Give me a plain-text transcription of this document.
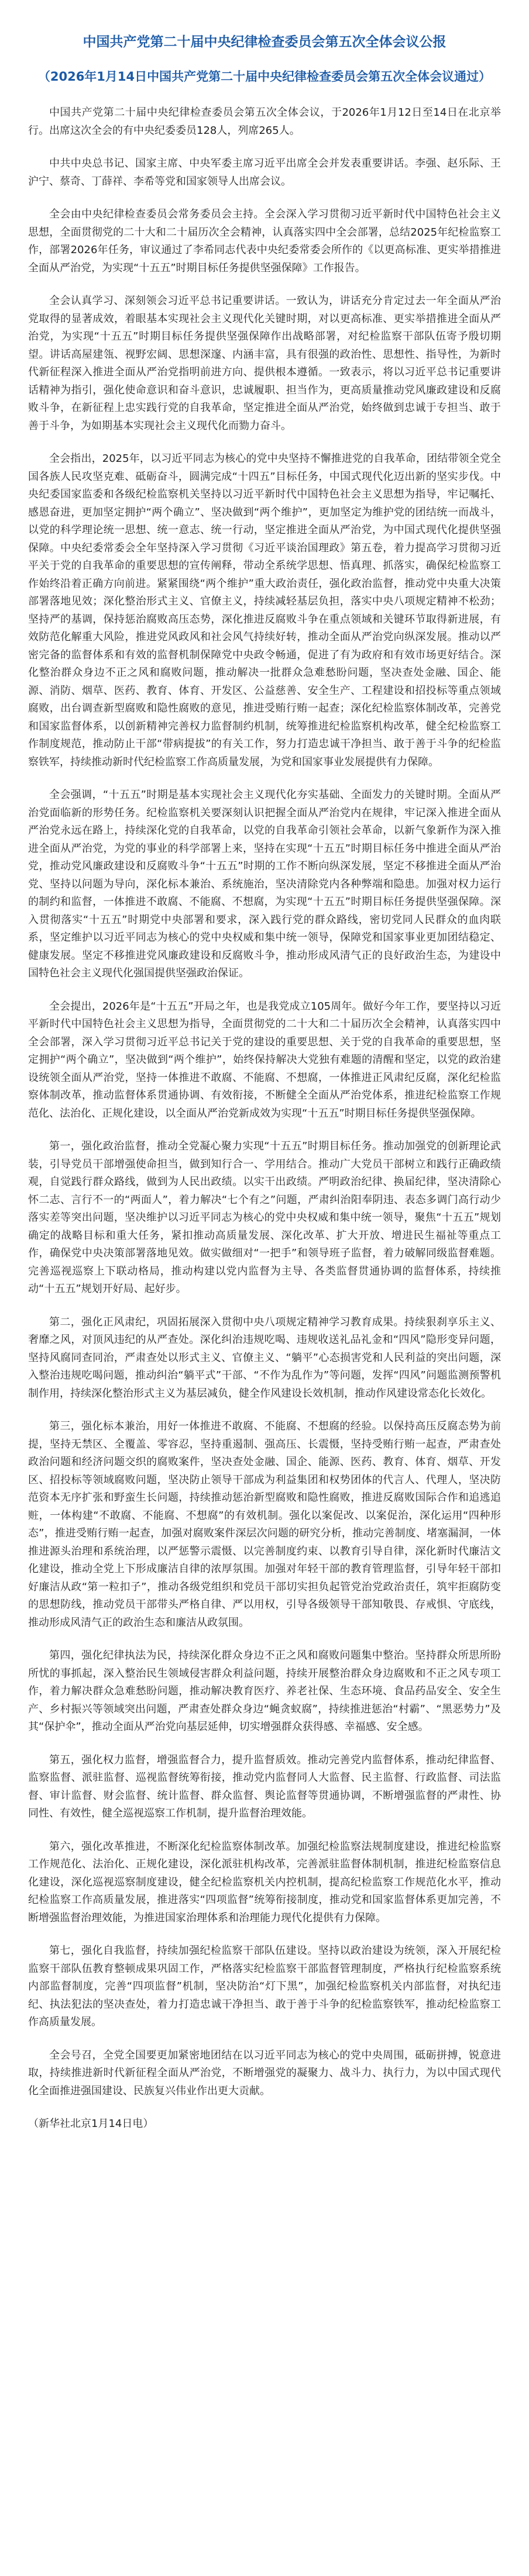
中国共产党第二十届中央纪律检查委员会第五次全体会议公报

（2026年1月14日中国共产党第二十届中央纪律检查委员会第五次全体会议通过）

中国共产党第二十届中央纪律检查委员会第五次全体会议，于2026年1月12日至14日在北京举行。出席这次全会的有中央纪委委员128人，列席265人。

中共中央总书记、国家主席、中央军委主席习近平出席全会并发表重要讲话。李强、赵乐际、王沪宁、蔡奇、丁薛祥、李希等党和国家领导人出席会议。

全会由中央纪律检查委员会常务委员会主持。全会深入学习贯彻习近平新时代中国特色社会主义思想，全面贯彻党的二十大和二十届历次全会精神，认真落实四中全会部署，总结2025年纪检监察工作，部署2026年任务，审议通过了李希同志代表中央纪委常委会所作的《以更高标准、更实举措推进全面从严治党，为实现“十五五”时期目标任务提供坚强保障》工作报告。

全会认真学习、深刻领会习近平总书记重要讲话。一致认为，讲话充分肯定过去一年全面从严治党取得的显著成效，着眼基本实现社会主义现代化关键时期，对以更高标准、更实举措推进全面从严治党，为实现“十五五”时期目标任务提供坚强保障作出战略部署，对纪检监察干部队伍寄予殷切期望。讲话高屋建瓴、视野宏阔、思想深邃、内涵丰富，具有很强的政治性、思想性、指导性，为新时代新征程深入推进全面从严治党指明前进方向、提供根本遵循。一致表示，将以习近平总书记重要讲话精神为指引，强化使命意识和奋斗意识，忠诚履职、担当作为，更高质量推动党风廉政建设和反腐败斗争，在新征程上忠实践行党的自我革命，坚定推进全面从严治党，始终做到忠诚于专担当、敢于善于斗争，为如期基本实现社会主义现代化而勠力奋斗。

全会指出，2025年，以习近平同志为核心的党中央坚持不懈推进党的自我革命，团结带领全党全国各族人民攻坚克难、砥砺奋斗，圆满完成“十四五”目标任务，中国式现代化迈出新的坚实步伐。中央纪委国家监委和各级纪检监察机关坚持以习近平新时代中国特色社会主义思想为指导，牢记嘱托、感恩奋进，更加坚定拥护“两个确立”、坚决做到“两个维护”，更加坚定为维护党的团结统一而战斗，以党的科学理论统一思想、统一意志、统一行动，坚定推进全面从严治党，为中国式现代化提供坚强保障。中央纪委常委会全年坚持深入学习贯彻《习近平谈治国理政》第五卷，着力提高学习贯彻习近平关于党的自我革命的重要思想的宣传阐释，带动全系统学思想、悟真理、抓落实，确保纪检监察工作始终沿着正确方向前进。紧紧围绕“两个维护”重大政治责任，强化政治监督，推动党中央重大决策部署落地见效；深化整治形式主义、官僚主义，持续减轻基层负担，落实中央八项规定精神不松劲；坚持严的基调，保持惩治腐败高压态势，深化推进反腐败斗争在重点领域和关键环节取得新进展，有效防范化解重大风险，推进党风政风和社会风气持续好转，推动全面从严治党向纵深发展。推动以严密完备的监督体系和有效的监督机制保障党中央政令畅通，促进了有为政府和有效市场更好结合。深化整治群众身边不正之风和腐败问题，推动解决一批群众急难愁盼问题，坚决查处金融、国企、能源、消防、烟草、医药、教育、体育、开发区、公益慈善、安全生产、工程建设和招投标等重点领域腐败，出台调查新型腐败和隐性腐败的意见，推进受贿行贿一起查；深化纪检监察体制改革，完善党和国家监督体系，以创新精神完善权力监督制约机制，统筹推进纪检监察机构改革，健全纪检监察工作制度规范，推动防止干部“带病提拔”的有关工作，努力打造忠诚干净担当、敢于善于斗争的纪检监察铁军，持续推动新时代纪检监察工作高质量发展，为党和国家事业发展提供有力保障。

全会强调，“十五五”时期是基本实现社会主义现代化夯实基础、全面发力的关键时期。全面从严治党面临新的形势任务。纪检监察机关要深刻认识把握全面从严治党内在规律，牢记深入推进全面从严治党永远在路上，持续深化党的自我革命，以党的自我革命引领社会革命，以新气象新作为深入推进全面从严治党，为党的事业的科学部署上来，坚持在实现“十五五”时期目标任务中推进全面从严治党，推动党风廉政建设和反腐败斗争“十五五”时期的工作不断向纵深发展，坚定不移推进全面从严治党、坚持以问题为导向，深化标本兼治、系统施治，坚决清除党内各种弊端和隐患。加强对权力运行的制约和监督，一体推进不敢腐、不能腐、不想腐，为实现“十五五”时期目标任务提供坚强保障。深入贯彻落实“十五五”时期党中央部署和要求，深入践行党的群众路线，密切党同人民群众的血肉联系，坚定维护以习近平同志为核心的党中央权威和集中统一领导，保障党和国家事业更加团结稳定、健康发展。坚定不移推进党风廉政建设和反腐败斗争，推动形成风清气正的良好政治生态，为建设中国特色社会主义现代化强国提供坚强政治保证。

全会提出，2026年是“十五五”开局之年，也是我党成立105周年。做好今年工作，要坚持以习近平新时代中国特色社会主义思想为指导，全面贯彻党的二十大和二十届历次全会精神，认真落实四中全会部署，深入学习贯彻习近平总书记关于党的建设的重要思想、关于党的自我革命的重要思想，坚定拥护“两个确立”，坚决做到“两个维护”，始终保持解决大党独有难题的清醒和坚定，以党的政治建设统领全面从严治党，坚持一体推进不敢腐、不能腐、不想腐，一体推进正风肃纪反腐，深化纪检监察体制改革，推动监督体系贯通协调、有效衔接，不断健全全面从严治党体系，推进纪检监察工作规范化、法治化、正规化建设，以全面从严治党新成效为实现“十五五”时期目标任务提供坚强保障。

第一，强化政治监督，推动全党凝心聚力实现“十五五”时期目标任务。推动加强党的创新理论武装，引导党员干部增强使命担当，做到知行合一、学用结合。推动广大党员干部树立和践行正确政绩观，自觉践行群众路线，做到为人民出政绩。以实干出政绩。严明政治纪律、换届纪律，坚决清除心怀二志、言行不一的“两面人”，着力解决“七个有之”问题，严肃纠治阳奉阴违、表态多调门高行动少落实差等突出问题，坚决维护以习近平同志为核心的党中央权威和集中统一领导，聚焦“十五五”规划确定的战略目标和重大任务，紧扣推动高质量发展、深化改革、扩大开放、增进民生福祉等重点工作，确保党中央决策部署落地见效。做实做细对“一把手”和领导班子监督，着力破解同级监督难题。完善巡视巡察上下联动格局，推动构建以党内监督为主导、各类监督贯通协调的监督体系，持续推动“十五五”规划开好局、起好步。

第二，强化正风肃纪，巩固拓展深入贯彻中央八项规定精神学习教育成果。持续狠刹享乐主义、奢靡之风，对顶风违纪的从严查处。深化纠治违规吃喝、违规收送礼品礼金和“四风”隐形变异问题，坚持风腐同查同治，严肃查处以形式主义、官僚主义、“躺平”心态损害党和人民利益的突出问题，深入整治违规吃喝问题，推动纠治“躺平式”干部、“不作为乱作为”等问题，发挥“四风”问题监测预警机制作用，持续深化整治形式主义为基层减负，健全作风建设长效机制，推动作风建设常态化长效化。

第三，强化标本兼治，用好一体推进不敢腐、不能腐、不想腐的经验。以保持高压反腐态势为前提，坚持无禁区、全覆盖、零容忍，坚持重遏制、强高压、长震慑，坚持受贿行贿一起查，严肃查处政治问题和经济问题交织的腐败案件，坚决查处金融、国企、能源、医药、教育、体育、烟草、开发区、招投标等领域腐败问题，坚决防止领导干部成为利益集团和权势团体的代言人、代理人，坚决防范资本无序扩张和野蛮生长问题，持续推动惩治新型腐败和隐性腐败，推进反腐败国际合作和追逃追赃，一体构建“不敢腐、不能腐、不想腐”的有效机制。强化以案促改、以案促治，深化运用“四种形态”，推进受贿行贿一起查，加强对腐败案件深层次问题的研究分析，推动完善制度、堵塞漏洞，一体推进源头治理和系统治理，以严惩警示震慑、以完善制度约束、以教育引导自律，深化新时代廉洁文化建设，推动全党上下形成廉洁自律的浓厚氛围。加强对年轻干部的教育管理监督，引导年轻干部扣好廉洁从政“第一粒扣子”，推动各级党组织和党员干部切实担负起管党治党政治责任，筑牢拒腐防变的思想防线，推动党员干部带头严格自律、严以用权，引导各级领导干部知敬畏、存戒惧、守底线，推动形成风清气正的政治生态和廉洁从政氛围。

第四，强化纪律执法为民，持续深化群众身边不正之风和腐败问题集中整治。坚持群众所思所盼所忧的事抓起，深入整治民生领域侵害群众利益问题，持续开展整治群众身边腐败和不正之风专项工作，着力解决群众急难愁盼问题，推动解决教育医疗、养老社保、生态环境、食品药品安全、安全生产、乡村振兴等领域突出问题，严肃查处群众身边“蝇贪蚁腐”，持续推进惩治“村霸”、“黑恶势力”及其“保护伞”，推动全面从严治党向基层延伸，切实增强群众获得感、幸福感、安全感。

第五，强化权力监督，增强监督合力，提升监督质效。推动完善党内监督体系，推动纪律监督、监察监督、派驻监督、巡视监督统筹衔接，推动党内监督同人大监督、民主监督、行政监督、司法监督、审计监督、财会监督、统计监督、群众监督、舆论监督等贯通协调，不断增强监督的严肃性、协同性、有效性，健全巡视巡察工作机制，提升监督治理效能。

第六，强化改革推进，不断深化纪检监察体制改革。加强纪检监察法规制度建设，推进纪检监察工作规范化、法治化、正规化建设，深化派驻机构改革，完善派驻监督体制机制，推进纪检监察信息化建设，深化巡视巡察制度建设，健全纪检监察机关内控机制，提高纪检监察工作规范化水平，推动纪检监察工作高质量发展，推进落实“四项监督”统筹衔接制度，推动党和国家监督体系更加完善，不断增强监督治理效能，为推进国家治理体系和治理能力现代化提供有力保障。

第七，强化自我监督，持续加强纪检监察干部队伍建设。坚持以政治建设为统领，深入开展纪检监察干部队伍教育整顿成果巩固工作，严格落实纪检监察干部监督管理制度，严格执行纪检监察系统内部监督制度，完善“四项监督”机制，坚决防治“灯下黑”，加强纪检监察机关内部监督，对执纪违纪、执法犯法的坚决查处，着力打造忠诚干净担当、敢于善于斗争的纪检监察铁军，推动纪检监察工作高质量发展。

全会号召，全党全国要更加紧密地团结在以习近平同志为核心的党中央周围，砥砺拼搏，锐意进取，持续推进新时代新征程全面从严治党，不断增强党的凝聚力、战斗力、执行力，为以中国式现代化全面推进强国建设、民族复兴伟业作出更大贡献。

（新华社北京1月14日电）
